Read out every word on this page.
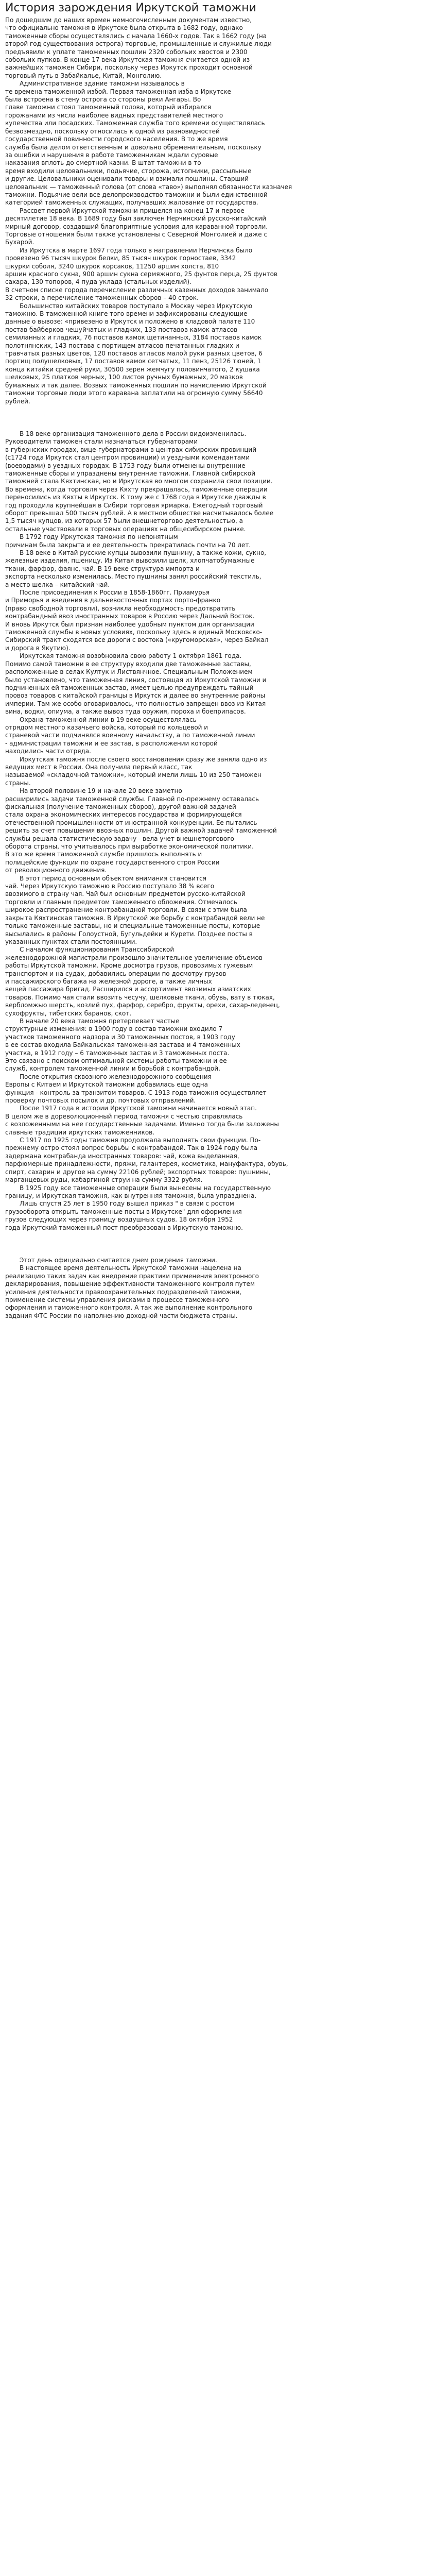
История зарождения Иркутской таможни

По дошедшим до наших времен немногочисленным документам известно,
что официально таможня в Иркутске была открыта в 1682 году, однако
таможенные сборы осуществлялись с начала 1660-х годов. Так в 1662 году (на
второй год существования острога) торговые, промышленные и служилые люди
предъявили к уплате таможенных пошлин 2320 собольих хвостов и 2300
собольих пупков. В конце 17 века Иркутская таможня считается одной из
важнейших таможен Сибири, поскольку через Иркутск проходит основной
торговый путь в Забайкалье, Китай, Монголию.

Административное здание таможни называлось в
те времена таможенной избой. Первая таможенная изба в Иркутске
была встроена в стену острога со стороны реки Ангары. Во
главе таможни стоял таможенный голова, который избирался
горожанами из числа наиболее видных представителей местного
купечества или посадских. Таможенная служба того времени осуществлялась
безвозмездно, поскольку относилась к одной из разновидностей
государственной повинности городского населения. В то же время
служба была делом ответственным и довольно обременительным, поскольку
за ошибки и нарушения в работе таможенникам ждали суровые
наказания вплоть до смертной казни. В штат таможни в то
время входили целовальники, подьячие, сторожа, истопники, рассыльные
и другие. Целовальники оценивали товары и взимали пошлины. Старший
целовальник — таможенный голова (от слова «таво») выполнял обязанности казначея
таможни. Подьячие вели все делопроизводство таможни и были единственной
категорией таможенных служащих, получавших жалование от государства.

Рассвет первой Иркутской таможни пришелся на конец 17 и первое
десятилетие 18 века. В 1689 году был заключен Нерчинский русско-китайский
мирный договор, создавший благоприятные условия для караванной торговли.
Торговые отношения были также установлены с Северной Монголией и даже с
Бухарой.

Из Иркутска в марте 1697 года только в направлении Нерчинска было
провезено 96 тысяч шкурок белки, 85 тысяч шкурок горностаев, 3342
шкурки соболя, 3240 шкурок корсаков, 11250 аршин холста, 810
аршин красного сукна, 900 аршин сукна сермяжного, 25 фунтов перца, 25 фунтов
сахара, 130 топоров, 4 пуда уклада (стальных изделий).
В счетном списке города перечисление различных казенных доходов занимало
32 строки, а перечисление таможенных сборов – 40 строк.

Большинство китайских товаров поступало в Москву через Иркутскую
таможню. В таможенной книге того времени зафиксированы следующие
данные о вывозе: «привезено в Иркутск и положено в кладовой палате 110
постав байберков чешуйчатых и гладких, 133 поставов камок атласов
семиланных и гладких, 76 поставов камок щетинанных, 3184 поставов камок
полотнянских, 143 постава с портищем атласов печатанных гладких и
травчатых разных цветов, 120 поставов атласов малой руки разных цветов, 6
портищ полушелковых, 17 поставов камок сетчатых, 11 пенз, 25126 тюней, 1
конца китайки средней руки, 30500 зерен жемчугу половинчатого, 2 кушака
шелковых, 25 платков черных, 100 листов ручных бумажных, 20 мазков
бумажных и так далее. Возвых таможенных пошлин по начислению Иркутской
таможни торговые люди этого каравана заплатили на огромную сумму 56640
рублей.

В 18 веке организация таможенного дела в России видоизменилась.
Руководители таможен стали назначаться губернаторами
в губернских городах, вице-губернаторами в центрах сибирских провинций
(с1724 года Иркутск стал центром провинции) и уездными комендантами
(воеводами) в уездных городах. В 1753 году были отменены внутренние
таможенные сборы и упразднены внутренние таможни. Главной сибирской
таможней стала Кяхтинская, но и Иркутская во многом сохранила свои позиции.
Во времена, когда торговля через Кяхту прекращалась, таможенные операции
переносились из Кяхты в Иркутск. К тому же с 1768 года в Иркутске дважды в
год проходила крупнейшая в Сибири торговая ярмарка. Ежегодный торговый
оборот превышал 500 тысяч рублей. А в местном обществе насчитывалось более
1,5 тысяч купцов, из которых 57 были внешнеторгово деятельностью, а
остальные участвовали в торговых операциях на общесибирском рынке.

В 1792 году Иркутская таможня по непонятным
причинам была закрыта и ее деятельность прекратилась почти на 70 лет.

В 18 веке в Китай русские купцы вывозили пушнину, а также кожи, сукно,
железные изделия, пшеницу. Из Китая вывозили шелк, хлопчатобумажные
ткани, фарфор, фаянс, чай. В 19 веке структура импорта и
экспорта несколько изменилась. Место пушнины занял российский текстиль,
а место шелка – китайский чай.

После присоединения к России в 1858-1860гг. Приамурья
и Приморья и введения в дальневосточных портах порто-франко
(право свободной торговли), возникла необходимость предотвратить
контрабандный ввоз иностранных товаров в Россию через Дальний Восток.
И вновь Иркутск был признан наиболее удобным пунктом для организации
таможенной службы в новых условиях, поскольку здесь в единый Московско-
Сибирский тракт сходятся все дороги с востока («кругоморская», через Байкал
и дорога в Якутию).

Иркутская таможня возобновила свою работу 1 октября 1861 года.
Помимо самой таможни в ее структуру входили две таможенные заставы,
расположенные в селах Култук и Листвянчное. Специальным Положением
было установлено, что таможенная линия, состоящая из Иркутской таможни и
подчиненных ей таможенных застав, имеет целью предупреждать тайный
провоз товаров с китайской границы в Иркутск и далее во внутренние районы
империи. Там же особо оговаривалось, что полностью запрещен ввоз из Китая
вина, водки, опиума, а также вывоз туда оружия, пороха и боеприпасов.

Охрана таможенной линии в 19 веке осуществлялась
отрядом местного казачьего войска, который по кольцевой и
страневой части подчинялся военному начальству, а по таможенной линии
- администрации таможни и ее застав, в расположении которой
находились части отряда.

Иркутская таможня после своего восстановления сразу же заняла одно из
ведущих мест в России. Она получила первый класс, так
называемой «складочной таможни», который имели лишь 10 из 250 таможен
страны.

На второй половине 19 и начале 20 веке заметно
расширились задачи таможенной службы. Главной по-прежнему оставалась
фискальная (получение таможенных сборов), другой важной задачей
стала охрана экономических интересов государства и формирующейся
отечественной промышленности от иностранной конкуренции. Ее пытались
решить за счет повышения ввозных пошлин. Другой важной задачей таможенной
службы решала статистическую задачу - вела учет внешнеторгового
оборота страны, что учитывалось при выработке экономической политики.
В это же время таможенной службе пришлось выполнять и
полицейские функции по охране государственного строя России
от революционного движения.

В этот период основным объектом внимания становится
чай. Через Иркутскую таможню в Россию поступало 38 % всего
ввозимого в страну чая. Чай был основным предметом русско-китайской
торговли и главным предметом таможенного обложения. Отмечалось
широкое распространение контрабандной торговли. В связи с этим была
закрыта Кяхтинская таможня. В Иркутской же борьбу с контрабандой вели не
только таможенные заставы, но и специальные таможенные посты, которые
высылались в районы Голоустной, Бугульдейки и Курети. Позднее посты в
указанных пунктах стали постоянными.

С началом функционирования Транссибирской
железнодорожной магистрали произошло значительное увеличение объемов
работы Иркутской таможни. Кроме досмотра грузов, провозимых гужевым
транспортом и на судах, добавились операции по досмотру грузов
и пассажирского багажа на железной дороге, а также личных
вещей пассажира бригад. Расширился и ассортимент ввозимых азиатских
товаров. Помимо чая стали ввозить чесучу, шелковые ткани, обувь, вату в тюках,
вербломжью шерсть, козлий пух, фарфор, серебро, фрукты, орехи, сахар-леденец,
сухофрукты, тибетских баранов, скот.

В начале 20 века таможня претерпевает частые
структурные изменения: в 1900 году в состав таможни входило 7
участков таможенного надзора и 30 таможенных постов, в 1903 году
в ее состав входила Байкальская таможенная застава и 4 таможенных
участка, в 1912 году – 6 таможенных застав и 3 таможенных поста.
Это связано с поиском оптимальной системы работы таможни и ее
служб, контролем таможенной линии и борьбой с контрабандой.

После открытия сквозного железнодорожного сообщения
Европы с Китаем и Иркутской таможни добавилась еще одна
функция - контроль за транзитом товаров. С 1913 года таможня осуществляет
проверку почтовых посылок и др. почтовых отправлений.

После 1917 года в истории Иркутской таможни начинается новый этап.
В целом же в дореволюционный период таможня с честью справлялась
с возложенными на нее государственные задачами. Именно тогда были заложены
славные традиции иркутских таможенников.

С 1917 по 1925 годы таможня продолжала выполнять свои функции. По-
прежнему остро стоял вопрос борьбы с контрабандой. Так в 1924 году была
задержана контрабанда иностранных товаров: чай, кожа выделанная,
парфюмерные принадлежности, пряжи, галантерея, косметика, мануфактура, обувь,
спирт, сахарин и другое на сумму 22106 рублей; экспортных товаров: пушнины,
марганцевых руды, кабаргиной струи на сумму 3322 рубля.

В 1925 году все таможенные операции были вынесены на государственную
границу, и Иркутская таможня, как внутренняя таможня, была упразднена.

Лишь спустя 25 лет в 1950 году вышел приказ " в связи с ростом
грузооборота открыть таможенные посты в Иркутске" для оформления
грузов следующих через границу воздушных судов. 18 октября 1952
года Иркутский таможенный пост преобразован в Иркутскую таможню.

Этот день официально считается днем рождения таможни.

В настоящее время деятельность Иркутской таможни нацелена на
реализацию таких задач как внедрение практики применения электронного
декларирования, повышение эффективности таможенного контроля путем
усиления деятельности правоохранительных подразделений таможни,
применение системы управления рисками в процессе таможенного
оформления и таможенного контроля. А так же выполнение контрольного
задания ФТС России по наполнению доходной части бюджета страны.
